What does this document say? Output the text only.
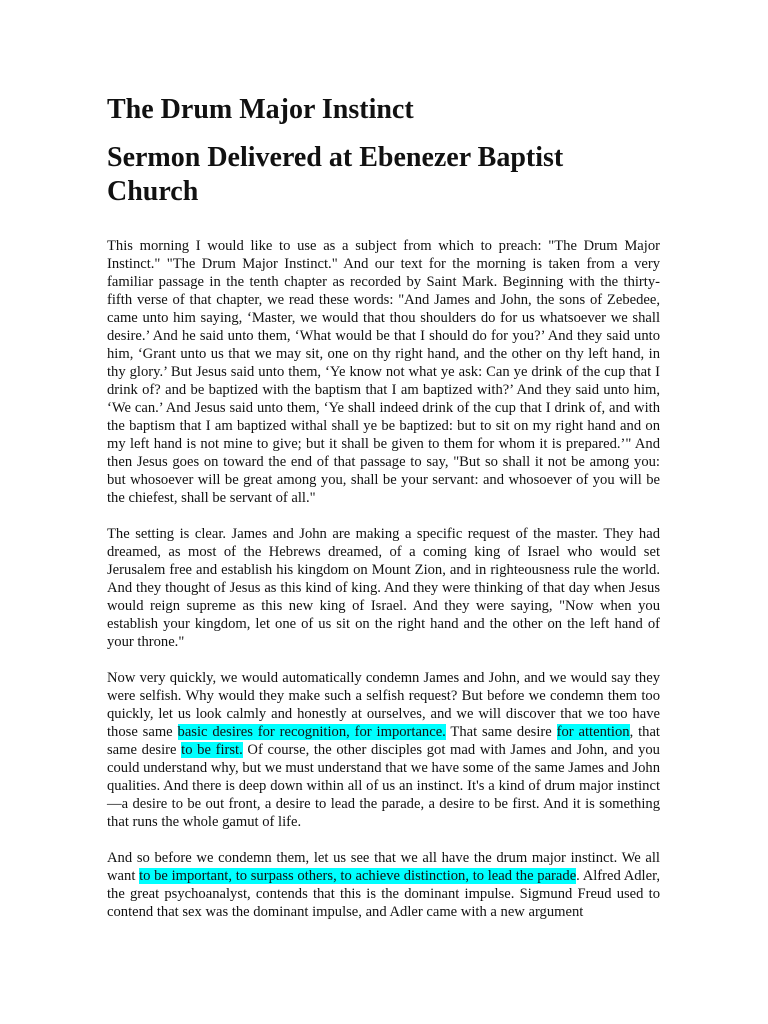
The Drum Major Instinct
Sermon Delivered at Ebenezer Baptist Church

This morning I would like to use as a subject from which to preach: "The Drum Major Instinct." "The Drum Major Instinct." And our text for the morning is taken from a very familiar passage in the tenth chapter as recorded by Saint Mark. Beginning with the thirty-fifth verse of that chapter, we read these words: "And James and John, the sons of Zebedee, came unto him saying, ‘Master, we would that thou shoulders do for us whatsoever we shall desire.’ And he said unto them, ‘What would be that I should do for you?’ And they said unto him, ‘Grant unto us that we may sit, one on thy right hand, and the other on thy left hand, in thy glory.’ But Jesus said unto them, ‘Ye know not what ye ask: Can ye drink of the cup that I drink of? and be baptized with the baptism that I am baptized with?’ And they said unto him, ‘We can.’ And Jesus said unto them, ‘Ye shall indeed drink of the cup that I drink of, and with the baptism that I am baptized withal shall ye be baptized: but to sit on my right hand and on my left hand is not mine to give; but it shall be given to them for whom it is prepared.’" And then Jesus goes on toward the end of that passage to say, "But so shall it not be among you: but whosoever will be great among you, shall be your servant: and whosoever of you will be the chiefest, shall be servant of all."

The setting is clear. James and John are making a specific request of the master. They had dreamed, as most of the Hebrews dreamed, of a coming king of Israel who would set Jerusalem free and establish his kingdom on Mount Zion, and in righteousness rule the world. And they thought of Jesus as this kind of king. And they were thinking of that day when Jesus would reign supreme as this new king of Israel. And they were saying, "Now when you establish your kingdom, let one of us sit on the right hand and the other on the left hand of your throne."

Now very quickly, we would automatically condemn James and John, and we would say they were selfish. Why would they make such a selfish request? But before we condemn them too quickly, let us look calmly and honestly at ourselves, and we will discover that we too have those same basic desires for recognition, for importance. That same desire for attention, that same desire to be first. Of course, the other disciples got mad with James and John, and you could understand why, but we must understand that we have some of the same James and John qualities. And there is deep down within all of us an instinct. It's a kind of drum major instinct—a desire to be out front, a desire to lead the parade, a desire to be first. And it is something that runs the whole gamut of life.

And so before we condemn them, let us see that we all have the drum major instinct. We all want to be important, to surpass others, to achieve distinction, to lead the parade. Alfred Adler, the great psychoanalyst, contends that this is the dominant impulse. Sigmund Freud used to contend that sex was the dominant impulse, and Adler came with a new argument
